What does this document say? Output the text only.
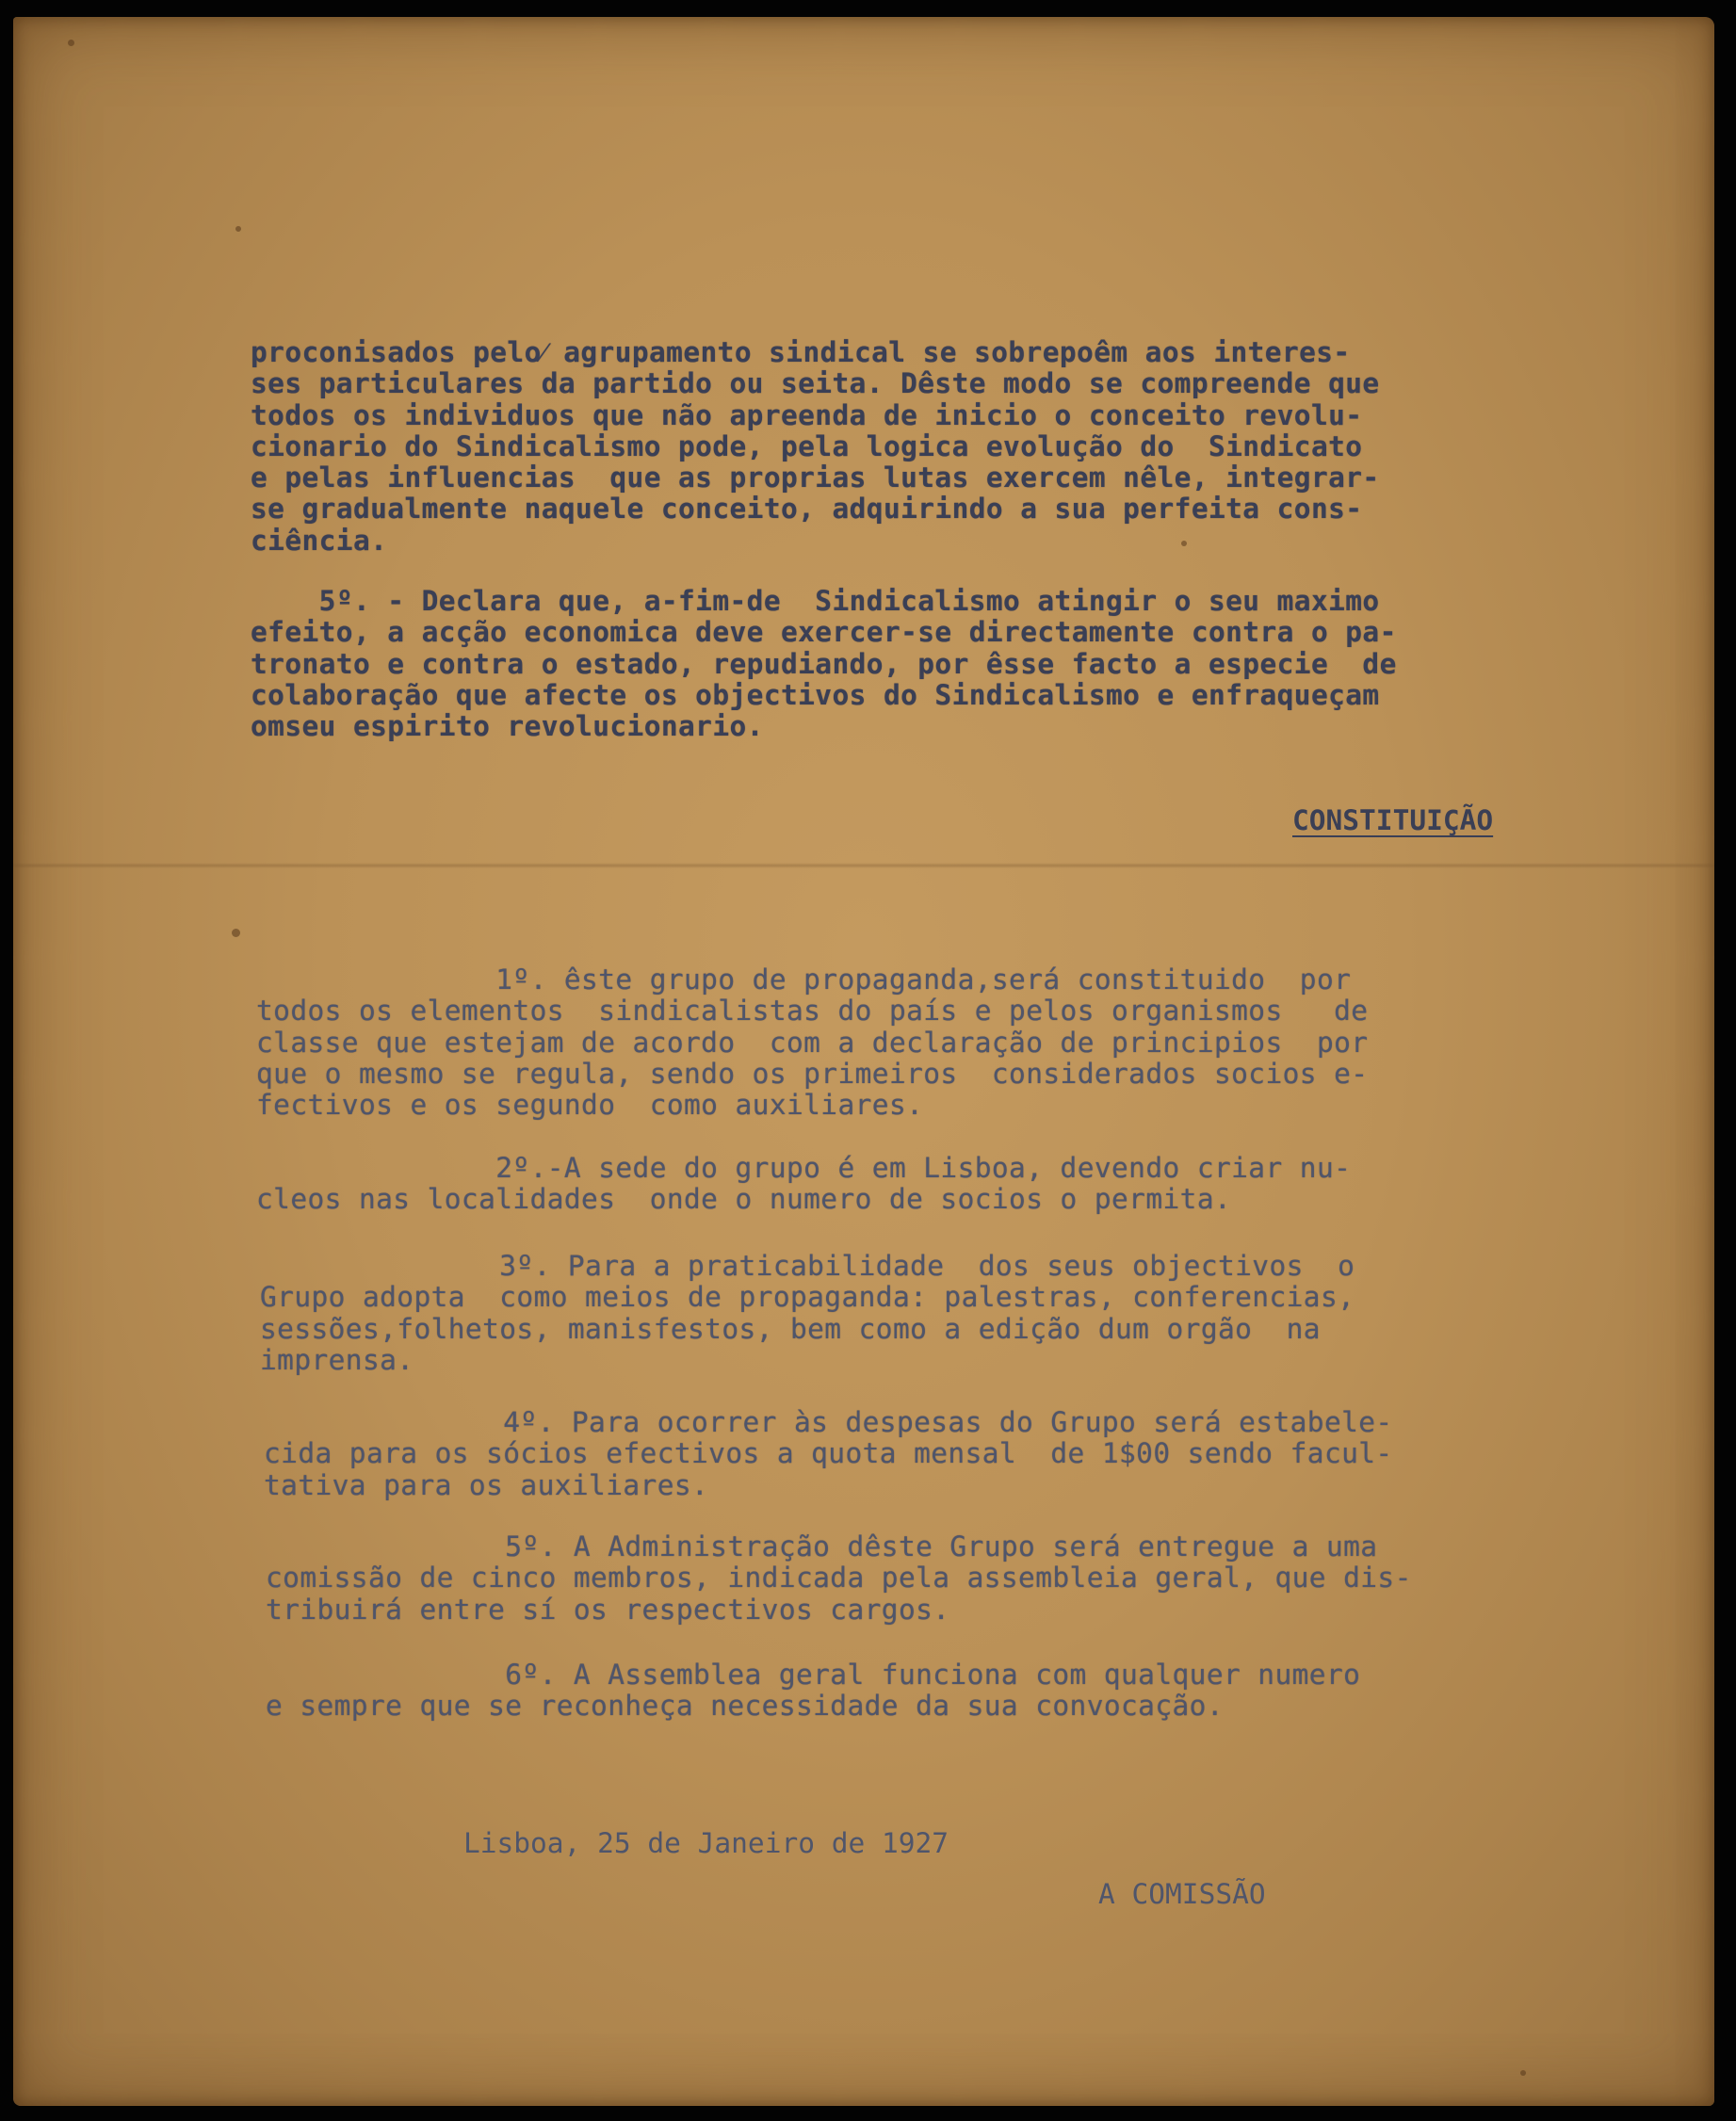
proconisados pelo⁄ agrupamento sindical se sobrepoêm aos interes-
ses particulares da partido ou seita. Dêste modo se compreende que
todos os individuos que não apreenda de inicio o conceito revolu-
cionario do Sindicalismo pode, pela logica evolução do  Sindicato
e pelas influencias  que as proprias lutas exercem nêle, integrar-
se gradualmente naquele conceito, adquirindo a sua perfeita cons-
ciência.
5º. - Declara que, a-fim-de  Sindicalismo atingir o seu maximo
efeito, a acção economica deve exercer-se directamente contra o pa-
tronato e contra o estado, repudiando, por êsse facto a especie  de
colaboração que afecte os objectivos do Sindicalismo e enfraqueçam
omseu espirito revolucionario.
CONSTITUIÇÃO
1º. êste grupo de propaganda,será constituido  por
todos os elementos  sindicalistas do país e pelos organismos   de
classe que estejam de acordo  com a declaração de principios  por
que o mesmo se regula, sendo os primeiros  considerados socios e-
fectivos e os segundo  como auxiliares.
2º.-A sede do grupo é em Lisboa, devendo criar nu-
cleos nas localidades  onde o numero de socios o permita.
3º. Para a praticabilidade  dos seus objectivos  o
Grupo adopta  como meios de propaganda: palestras, conferencias,
sessões,folhetos, manisfestos, bem como a edição dum orgão  na
imprensa.
4º. Para ocorrer às despesas do Grupo será estabele-
cida para os sócios efectivos a quota mensal  de 1$00 sendo facul-
tativa para os auxiliares.
5º. A Administração dêste Grupo será entregue a uma
comissão de cinco membros, indicada pela assembleia geral, que dis-
tribuirá entre sí os respectivos cargos.
6º. A Assemblea geral funciona com qualquer numero
e sempre que se reconheça necessidade da sua convocação.
Lisboa, 25 de Janeiro de 1927
A COMISSÃO
